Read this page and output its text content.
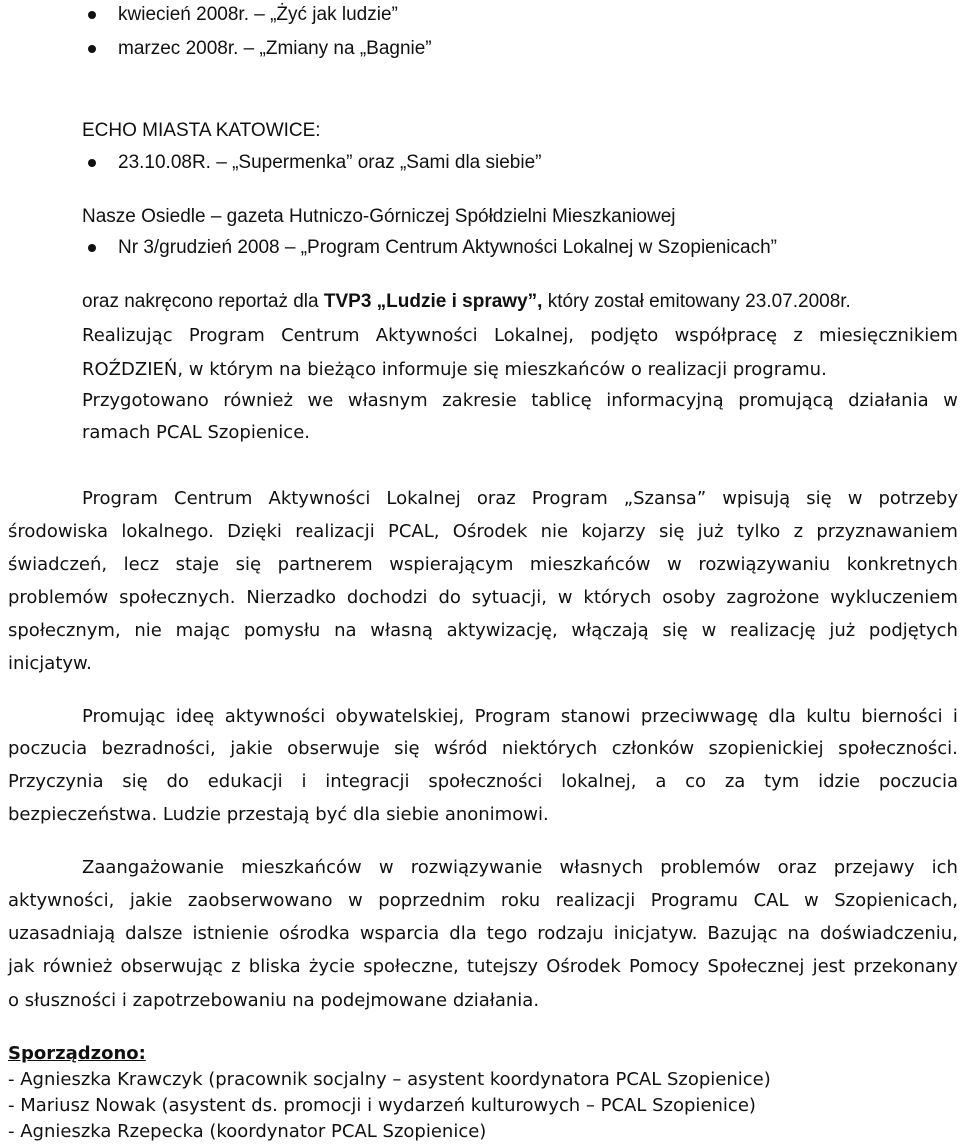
kwiecień 2008r. – „Żyć jak ludzie”
marzec 2008r. – „Zmiany na „Bagnie”
ECHO MIASTA KATOWICE:
23.10.08R. – „Supermenka” oraz „Sami dla siebie”
Nasze Osiedle – gazeta Hutniczo-Górniczej Spółdzielni Mieszkaniowej
Nr 3/grudzień 2008 – „Program Centrum Aktywności Lokalnej w Szopienicach”
oraz nakręcono reportaż dla TVP3 „Ludzie i sprawy”, który został emitowany 23.07.2008r.
Realizując Program Centrum Aktywności Lokalnej, podjęto współpracę z miesięcznikiem
ROŹDZIEŃ, w którym na bieżąco informuje się mieszkańców o realizacji programu.
Przygotowano również we własnym zakresie tablicę informacyjną promującą działania w
ramach PCAL Szopienice.
Program Centrum Aktywności Lokalnej oraz Program „Szansa” wpisują się w potrzeby
środowiska lokalnego. Dzięki realizacji PCAL, Ośrodek nie kojarzy się już tylko z przyznawaniem
świadczeń, lecz staje się partnerem wspierającym mieszkańców w rozwiązywaniu konkretnych
problemów społecznych. Nierzadko dochodzi do sytuacji, w których osoby zagrożone wykluczeniem
społecznym, nie mając pomysłu na własną aktywizację, włączają się w realizację już podjętych
inicjatyw.
Promując ideę aktywności obywatelskiej, Program stanowi przeciwwagę dla kultu bierności i
poczucia bezradności, jakie obserwuje się wśród niektórych członków szopienickiej społeczności.
Przyczynia się do edukacji i integracji społeczności lokalnej, a co za tym idzie poczucia
bezpieczeństwa. Ludzie przestają być dla siebie anonimowi.
Zaangażowanie mieszkańców w rozwiązywanie własnych problemów oraz przejawy ich
aktywności, jakie zaobserwowano w poprzednim roku realizacji Programu CAL w Szopienicach,
uzasadniają dalsze istnienie ośrodka wsparcia dla tego rodzaju inicjatyw. Bazując na doświadczeniu,
jak również obserwując z bliska życie społeczne, tutejszy Ośrodek Pomocy Społecznej jest przekonany
o słuszności i zapotrzebowaniu na podejmowane działania.
Sporządzono:
- Agnieszka Krawczyk (pracownik socjalny – asystent koordynatora PCAL Szopienice)
- Mariusz Nowak (asystent ds. promocji i wydarzeń kulturowych – PCAL Szopienice)
- Agnieszka Rzepecka (koordynator PCAL Szopienice)
